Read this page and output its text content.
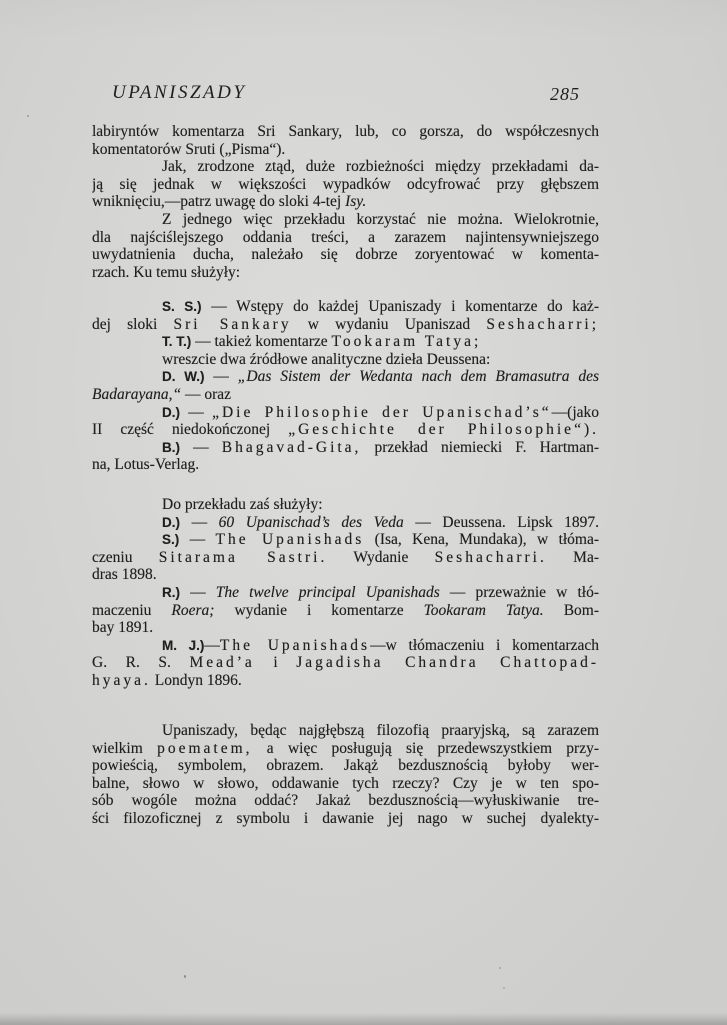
UPANISZADY	285
labiryntów komentarza Sri Sankary, lub, co gorsza, do współczesnych
komentatorów Sruti („Pisma“).
Jak, zrodzone ztąd, duże rozbieżności między przekładami da-
ją się jednak w większości wypadków odcyfrować przy głębszem
wniknięciu,—patrz uwagę do sloki 4-tej Isy.
Z jednego więc przekładu korzystać nie można. Wielokrotnie,
dla najściślejszego oddania treści, a zarazem najintensywniejszego
uwydatnienia ducha, należało się dobrze zoryentować w komenta-
rzach. Ku temu służyły:
S. S.) — Wstępy do każdej Upaniszady i komentarze do każ-
dej sloki Sri Sankary w wydaniu Upaniszad Seshacharri;
T. T.) — takież komentarze Tookaram Tatya;
wreszcie dwa źródłowe analityczne dzieła Deussena:
D. W.) — „Das Sistem der Wedanta nach dem Bramasutra des
Badarayana,“ — oraz
D.) — „Die Philosophie der Upanischad’s“—(jako
II część niedokończonej „Geschichte der Philosophie“).
B.) — Bhagavad-Gita, przekład niemiecki F. Hartman-
na, Lotus-Verlag.
Do przekładu zaś służyły:
D.) — 60 Upanischad’s des Veda — Deussena. Lipsk 1897.
S.) — The Upanishads (Isa, Kena, Mundaka), w tłóma-
czeniu Sitarama Sastri. Wydanie Seshacharri. Ma-
dras 1898.
R.) — The twelve principal Upanishads — przeważnie w tłó-
maczeniu Roera; wydanie i komentarze Tookaram Tatya. Bom-
bay 1891.
M. J.)—The Upanishads—w tłómaczeniu i komentarzach
G. R. S. Mead’a i Jagadisha Chandra Chattopad-
hyaya. Londyn 1896.
Upaniszady, będąc najgłębszą filozofią praaryjską, są zarazem
wielkim poematem, a więc posługują się przedewszystkiem przy-
powieścią, symbolem, obrazem. Jakąż bezdusznością byłoby wer-
balne, słowo w słowo, oddawanie tych rzeczy? Czy je w ten spo-
sób wogóle można oddać? Jakaż bezdusznością—wyłuskiwanie tre-
ści filozoficznej z symbolu i dawanie jej nago w suchej dyalekty-
